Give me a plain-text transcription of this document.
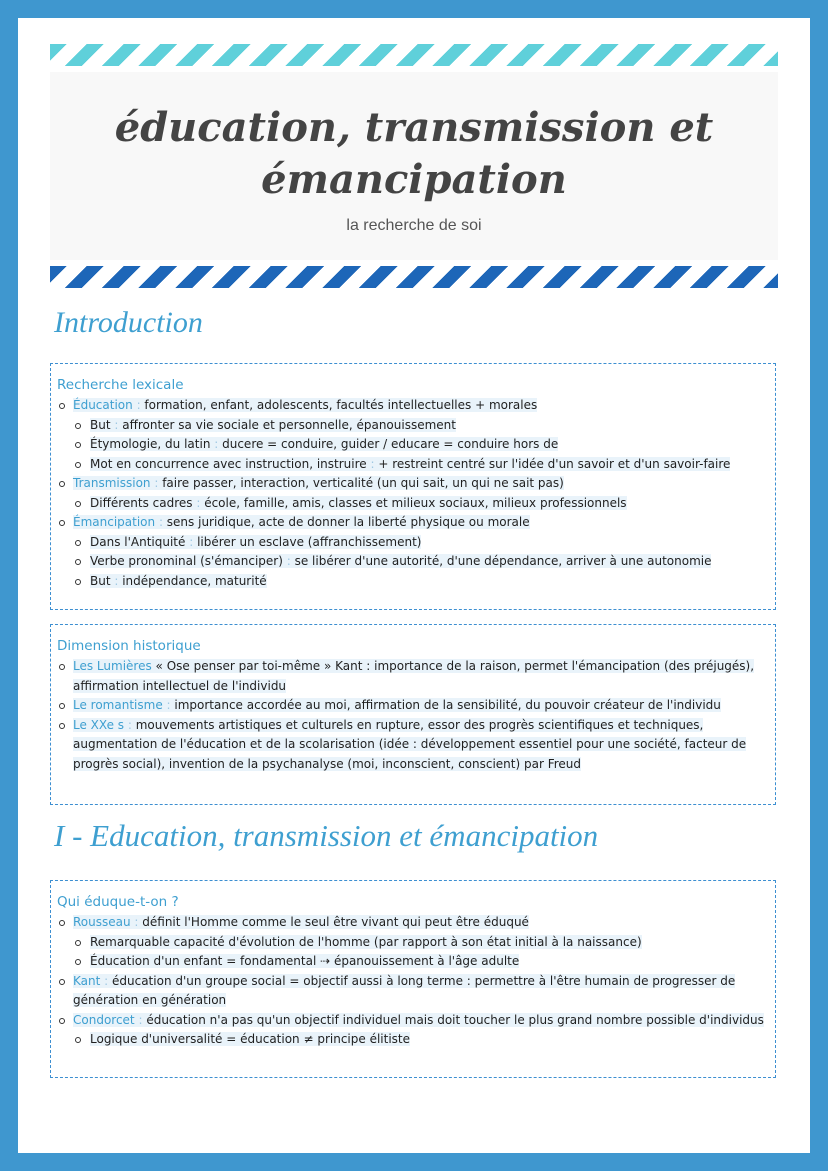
éducation, transmission et
émancipation
la recherche de soi
Introduction
Recherche lexicale
Éducation : formation, enfant, adolescents, facultés intellectuelles + morales
But : affronter sa vie sociale et personnelle, épanouissement
Étymologie, du latin : ducere = conduire, guider / educare = conduire hors de
Mot en concurrence avec instruction, instruire : + restreint centré sur l'idée d'un savoir et d'un savoir-faire
Transmission : faire passer, interaction, verticalité (un qui sait, un qui ne sait pas)
Différents cadres : école, famille, amis, classes et milieux sociaux, milieux professionnels
Émancipation : sens juridique, acte de donner la liberté physique ou morale
Dans l'Antiquité : libérer un esclave (affranchissement)
Verbe pronominal (s'émanciper) : se libérer d'une autorité, d'une dépendance, arriver à une autonomie
But : indépendance, maturité
Dimension historique
Les Lumières « Ose penser par toi-même » Kant : importance de la raison, permet l'émancipation (des préjugés), affirmation intellectuel de l'individu
Le romantisme : importance accordée au moi, affirmation de la sensibilité, du pouvoir créateur de l'individu
Le XXe s : mouvements artistiques et culturels en rupture, essor des progrès scientifiques et techniques, augmentation de l'éducation et de la scolarisation (idée : développement essentiel pour une société, facteur de progrès social), invention de la psychanalyse (moi, inconscient, conscient) par Freud
I - Education, transmission et émancipation
Qui éduque-t-on ?
Rousseau : définit l'Homme comme le seul être vivant qui peut être éduqué
Remarquable capacité d'évolution de l'homme (par rapport à son état initial à la naissance)
Éducation d'un enfant = fondamental ⇢ épanouissement à l'âge adulte
Kant : éducation d'un groupe social = objectif aussi à long terme : permettre à l'être humain de progresser de génération en génération
Condorcet : éducation n'a pas qu'un objectif individuel mais doit toucher le plus grand nombre possible d'individus
Logique d'universalité = éducation ≠ principe élitiste
